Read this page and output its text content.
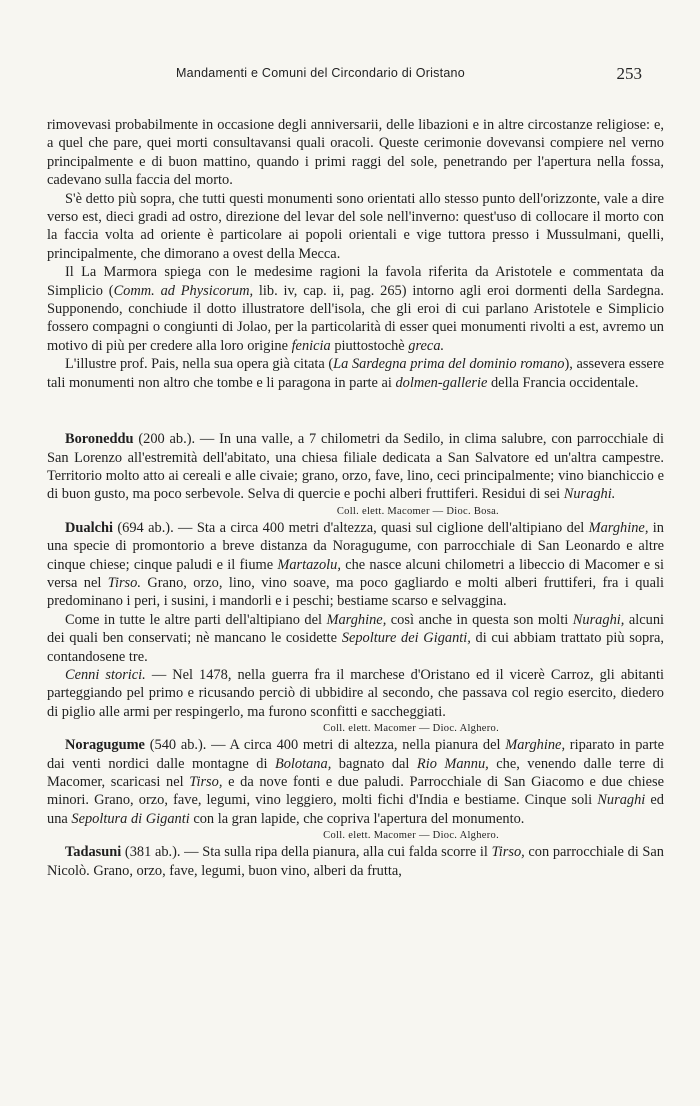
Mandamenti e Comuni del Circondario di Oristano	253

rimovevasi probabilmente in occasione degli anniversarii, delle libazioni e in altre circostanze religiose: e, a quel che pare, quei morti consultavansi quali oracoli. Queste cerimonie dovevansi compiere nel verno principalmente e di buon mattino, quando i primi raggi del sole, penetrando per l'apertura nella fossa, cadevano sulla faccia del morto.

S'è detto più sopra, che tutti questi monumenti sono orientati allo stesso punto dell'orizzonte, vale a dire verso est, dieci gradi ad ostro, direzione del levar del sole nell'inverno: quest'uso di collocare il morto con la faccia volta ad oriente è particolare ai popoli orientali e vige tuttora presso i Mussulmani, quelli, principalmente, che dimorano a ovest della Mecca.

Il La Marmora spiega con le medesime ragioni la favola riferita da Aristotele e commentata da Simplicio (Comm. ad Physicorum, lib. iv, cap. ii, pag. 265) intorno agli eroi dormenti della Sardegna. Supponendo, conchiude il dotto illustratore dell'isola, che gli eroi di cui parlano Aristotele e Simplicio fossero compagni o congiunti di Jolao, per la particolarità di esser quei monumenti rivolti a est, avremo un motivo di più per credere alla loro origine fenicia piuttostochè greca.

L'illustre prof. Pais, nella sua opera già citata (La Sardegna prima del dominio romano), assevera essere tali monumenti non altro che tombe e li paragona in parte ai dolmen-gallerie della Francia occidentale.

Boroneddu (200 ab.). — In una valle, a 7 chilometri da Sedilo, in clima salubre, con parrocchiale di San Lorenzo all'estremità dell'abitato, una chiesa filiale dedicata a San Salvatore ed un'altra campestre. Territorio molto atto ai cereali e alle civaie; grano, orzo, fave, lino, ceci principalmente; vino bianchiccio e di buon gusto, ma poco serbevole. Selva di quercie e pochi alberi fruttiferi. Residui di sei Nuraghi.

Coll. elett. Macomer — Dioc. Bosa.

Dualchi (694 ab.). — Sta a circa 400 metri d'altezza, quasi sul ciglione dell'altipiano del Marghine, in una specie di promontorio a breve distanza da Noragugume, con parrocchiale di San Leonardo e altre cinque chiese; cinque paludi e il fiume Martazolu, che nasce alcuni chilometri a libeccio di Macomer e si versa nel Tirso. Grano, orzo, lino, vino soave, ma poco gagliardo e molti alberi fruttiferi, fra i quali predominano i peri, i susini, i mandorli e i peschi; bestiame scarso e selvaggina.

Come in tutte le altre parti dell'altipiano del Marghine, così anche in questa son molti Nuraghi, alcuni dei quali ben conservati; nè mancano le cosidette Sepolture dei Giganti, di cui abbiam trattato più sopra, contandosene tre.

Cenni storici. — Nel 1478, nella guerra fra il marchese d'Oristano ed il vicerè Carroz, gli abitanti parteggiando pel primo e ricusando perciò di ubbidire al secondo, che passava col regio esercito, diedero di piglio alle armi per respingerlo, ma furono sconfitti e saccheggiati.

Coll. elett. Macomer — Dioc. Alghero.

Noragugume (540 ab.). — A circa 400 metri di altezza, nella pianura del Marghine, riparato in parte dai venti nordici dalle montagne di Bolotana, bagnato dal Rio Mannu, che, venendo dalle terre di Macomer, scaricasi nel Tirso, e da nove fonti e due paludi. Parrocchiale di San Giacomo e due chiese minori. Grano, orzo, fave, legumi, vino leggiero, molti fichi d'India e bestiame. Cinque soli Nuraghi ed una Sepoltura di Giganti con la gran lapide, che copriva l'apertura del monumento.

Coll. elett. Macomer — Dioc. Alghero.

Tadasuni (381 ab.). — Sta sulla ripa della pianura, alla cui falda scorre il Tirso, con parrocchiale di San Nicolò. Grano, orzo, fave, legumi, buon vino, alberi da frutta,
